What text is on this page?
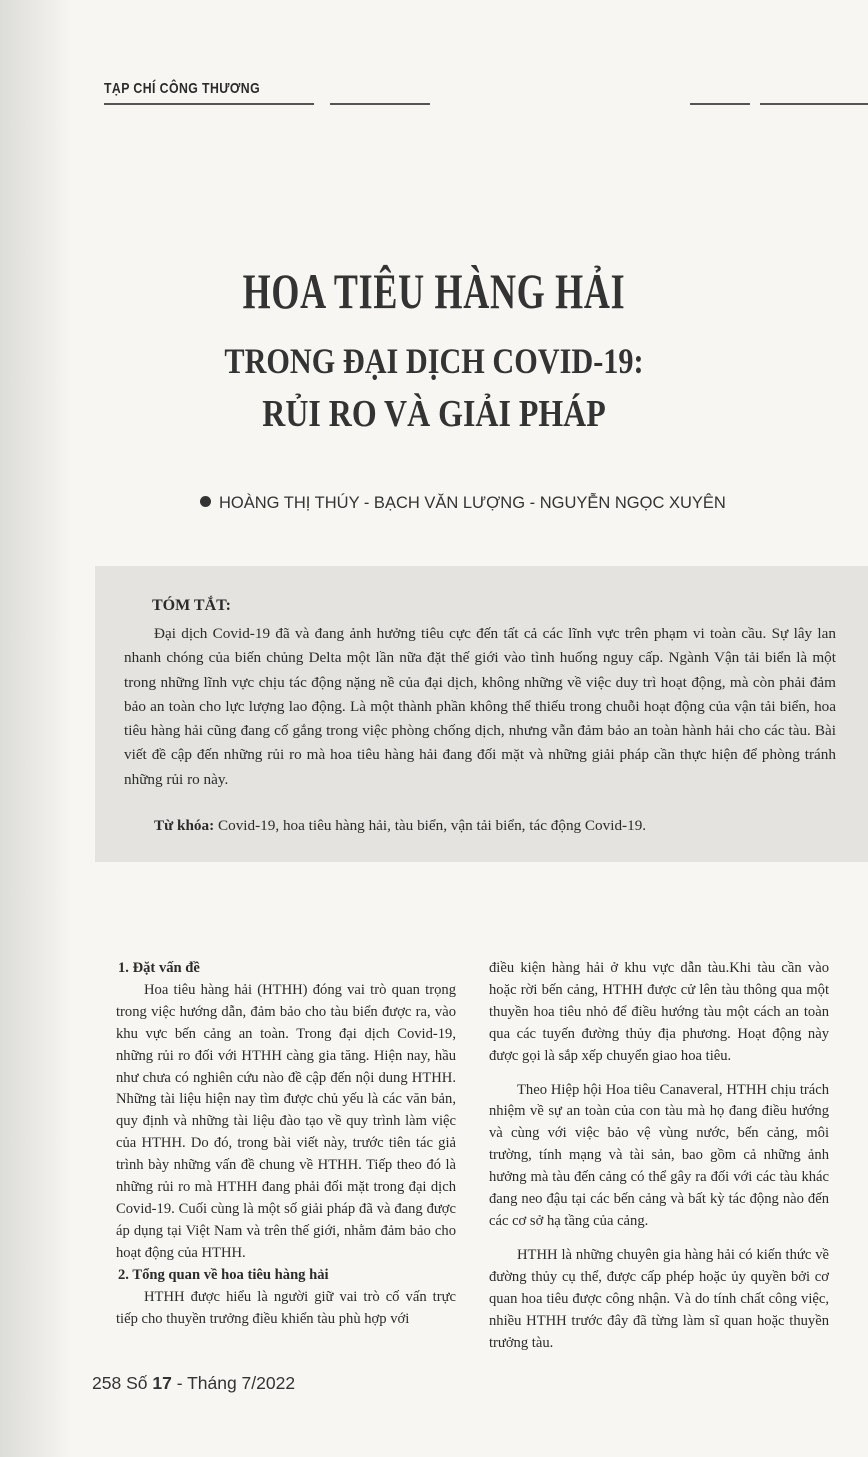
TẠP CHÍ CÔNG THƯƠNG
HOA TIÊU HÀNG HẢI
TRONG ĐẠI DỊCH COVID-19:
RỦI RO VÀ GIẢI PHÁP
HOÀNG THỊ THÚY - BẠCH VĂN LƯỢNG - NGUYỄN NGỌC XUYÊN
TÓM TẮT:
Đại dịch Covid-19 đã và đang ảnh hưởng tiêu cực đến tất cả các lĩnh vực trên phạm vi toàn cầu. Sự lây lan nhanh chóng của biến chủng Delta một lần nữa đặt thế giới vào tình huống nguy cấp. Ngành Vận tải biển là một trong những lĩnh vực chịu tác động nặng nề của đại dịch, không những về việc duy trì hoạt động, mà còn phải đảm bảo an toàn cho lực lượng lao động. Là một thành phần không thể thiếu trong chuỗi hoạt động của vận tải biển, hoa tiêu hàng hải cũng đang cố gắng trong việc phòng chống dịch, nhưng vẫn đảm bảo an toàn hành hải cho các tàu. Bài viết đề cập đến những rủi ro mà hoa tiêu hàng hải đang đối mặt và những giải pháp cần thực hiện để phòng tránh những rủi ro này.
Từ khóa: Covid-19, hoa tiêu hàng hải, tàu biển, vận tải biển, tác động Covid-19.

1. Đặt vấn đề

Hoa tiêu hàng hải (HTHH) đóng vai trò quan trọng trong việc hướng dẫn, đảm bảo cho tàu biển được ra, vào khu vực bến cảng an toàn. Trong đại dịch Covid-19, những rủi ro đối với HTHH càng gia tăng. Hiện nay, hầu như chưa có nghiên cứu nào đề cập đến nội dung HTHH. Những tài liệu hiện nay tìm được chủ yếu là các văn bản, quy định và những tài liệu đào tạo về quy trình làm việc của HTHH. Do đó, trong bài viết này, trước tiên tác giả trình bày những vấn đề chung về HTHH. Tiếp theo đó là những rủi ro mà HTHH đang phải đối mặt trong đại dịch Covid-19. Cuối cùng là một số giải pháp đã và đang được áp dụng tại Việt Nam và trên thế giới, nhằm đảm bảo cho hoạt động của HTHH.

2. Tổng quan về hoa tiêu hàng hải

HTHH được hiểu là người giữ vai trò cố vấn trực tiếp cho thuyền trưởng điều khiển tàu phù hợp với

điều kiện hàng hải ở khu vực dẫn tàu.Khi tàu cần vào hoặc rời bến cảng, HTHH được cử lên tàu thông qua một thuyền hoa tiêu nhỏ để điều hướng tàu một cách an toàn qua các tuyến đường thủy địa phương. Hoạt động này được gọi là sắp xếp chuyển giao hoa tiêu.

Theo Hiệp hội Hoa tiêu Canaveral, HTHH chịu trách nhiệm về sự an toàn của con tàu mà họ đang điều hướng và cùng với việc bảo vệ vùng nước, bến cảng, môi trường, tính mạng và tài sản, bao gồm cả những ảnh hưởng mà tàu đến cảng có thể gây ra đối với các tàu khác đang neo đậu tại các bến cảng và bất kỳ tác động nào đến các cơ sở hạ tầng của cảng.

HTHH là những chuyên gia hàng hải có kiến thức về đường thủy cụ thể, được cấp phép hoặc ủy quyền bởi cơ quan hoa tiêu được công nhận. Và do tính chất công việc, nhiều HTHH trước đây đã từng làm sĩ quan hoặc thuyền trưởng tàu.

258 Số 17 - Tháng 7/2022
